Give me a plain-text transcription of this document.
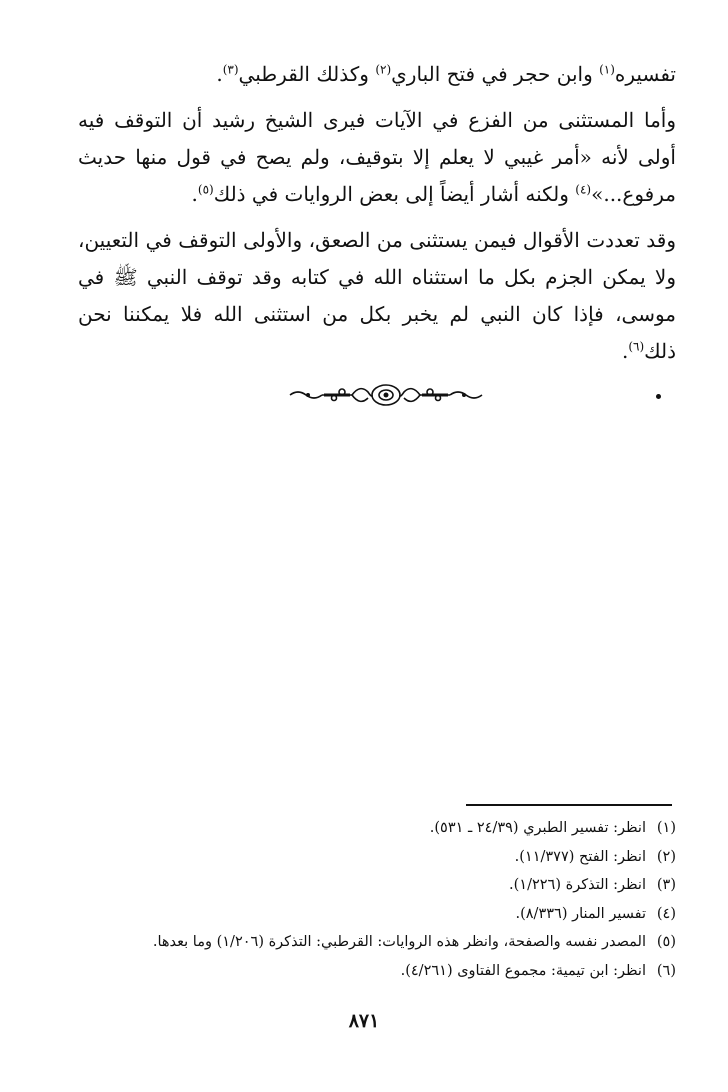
تفسيره$^{(١)}$ وابن حجر في فتح الباري$^{(٢)}$ وكذلك القرطبي$^{(٣)}$.

وأما المستثنى من الفزع في الآيات فيرى الشيخ رشيد أن التوقف فيه أولى لأنه «أمر غيبي لا يعلم إلا بتوقيف، ولم يصح في قول منها حديث مرفوع...»$^{(٤)}$ ولكنه أشار أيضاً إلى بعض الروايات في ذلك$^{(٥)}$.

وقد تعددت الأقوال فيمن يستثنى من الصعق، والأولى التوقف في التعيين، ولا يمكن الجزم بكل ما استثناه الله في كتابه وقد توقف النبي ﷺ في موسى، فإذا كان النبي لم يخبر بكل من استثنى الله فلا يمكننا نحن ذلك$^{(٦)}$.

(١)انظر: تفسير الطبري (٢٤/٣٩ ـ ٥٣١).
(٢)انظر: الفتح (١١/٣٧٧).
(٣)انظر: التذكرة (١/٢٢٦).
(٤)تفسير المنار (٨/٣٣٦).
(٥)المصدر نفسه والصفحة، وانظر هذه الروايات: القرطبي: التذكرة (١/٢٠٦) وما بعدها.
(٦)انظر: ابن تيمية: مجموع الفتاوى (٤/٢٦١).
٨٧١
